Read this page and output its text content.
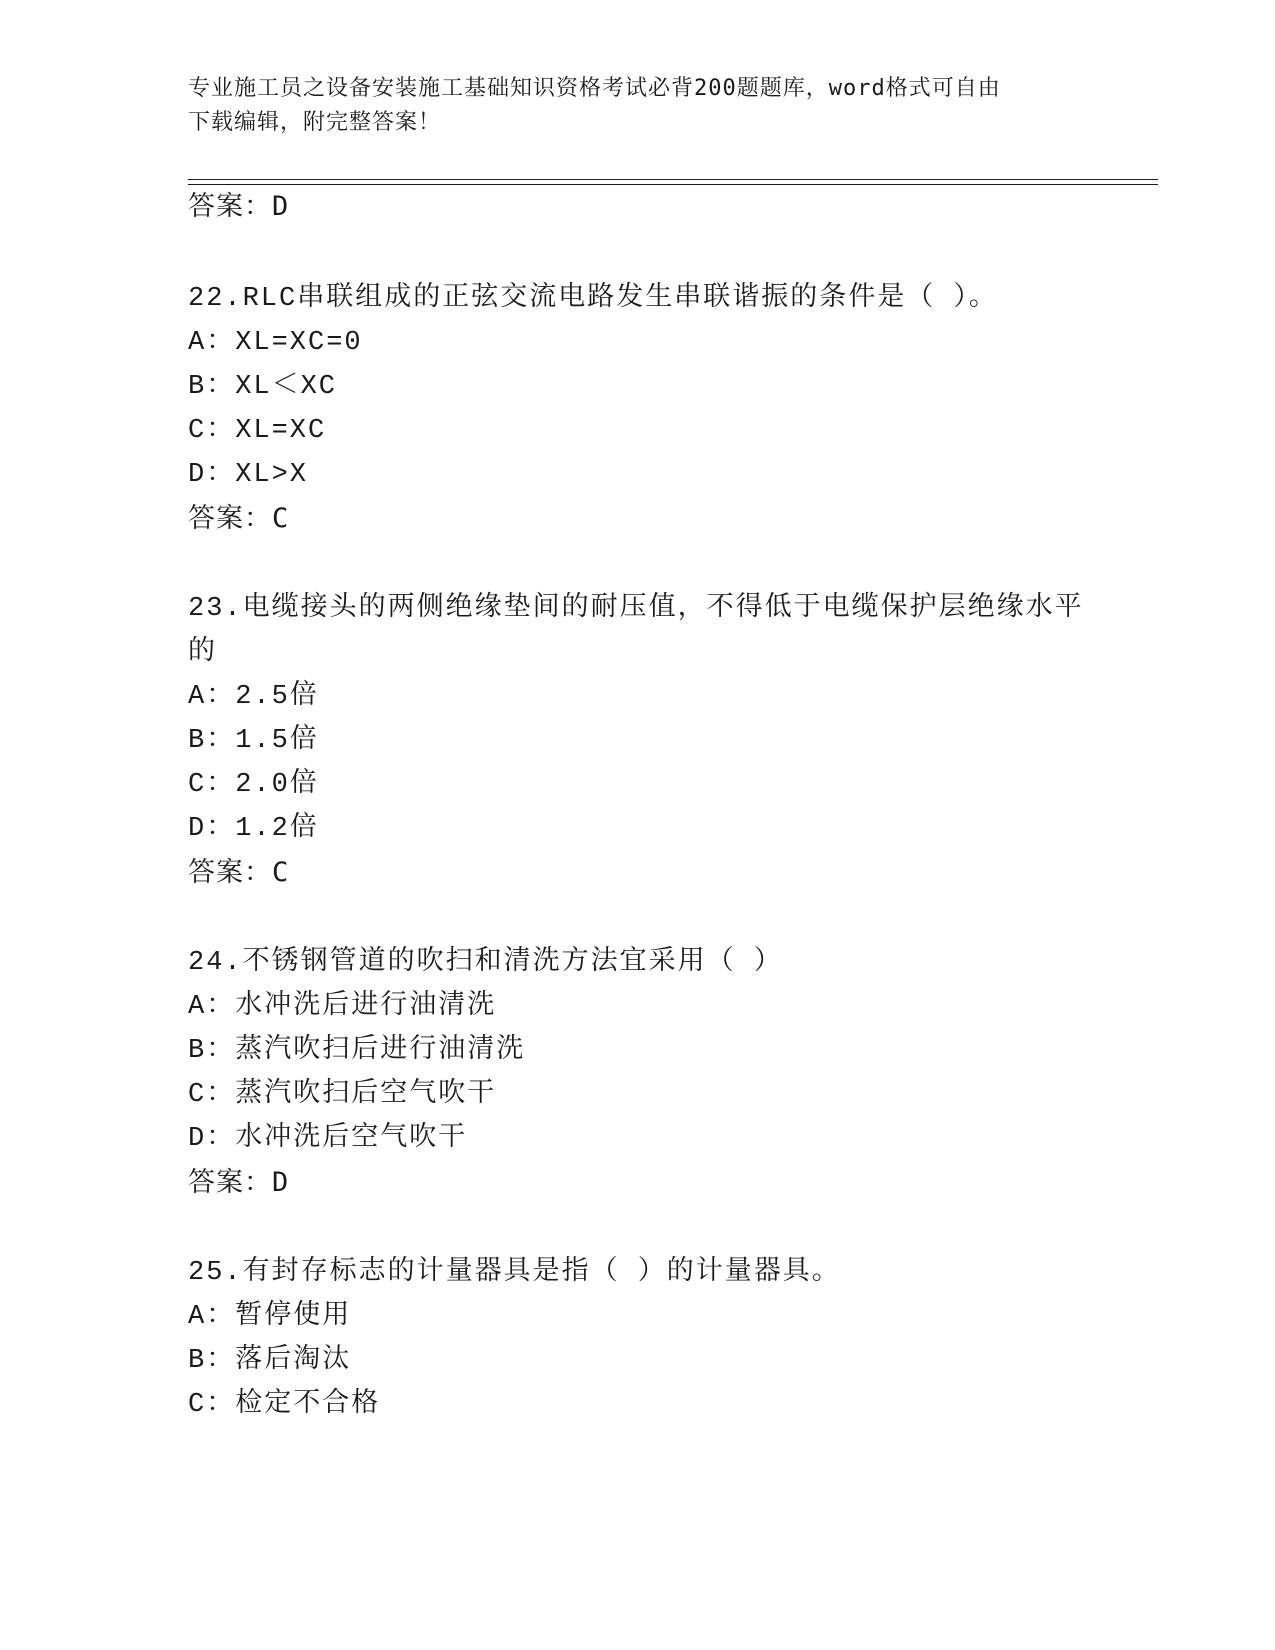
专业施工员之设备安装施工基础知识资格考试必背200题题库，word格式可自由
下载编辑，附完整答案！
答案：D
22.RLC串联组成的正弦交流电路发生串联谐振的条件是（ ）。
A：XL=XC=0
B：XL＜XC
C：XL=XC
D：XL>X
答案：C
23.电缆接头的两侧绝缘垫间的耐压值，不得低于电缆保护层绝缘水平
的
A：2.5倍
B：1.5倍
C：2.0倍
D：1.2倍
答案：C
24.不锈钢管道的吹扫和清洗方法宜采用（ ）
A：水冲洗后进行油清洗
B：蒸汽吹扫后进行油清洗
C：蒸汽吹扫后空气吹干
D：水冲洗后空气吹干
答案：D
25.有封存标志的计量器具是指（ ）的计量器具。
A：暂停使用
B：落后淘汰
C：检定不合格
